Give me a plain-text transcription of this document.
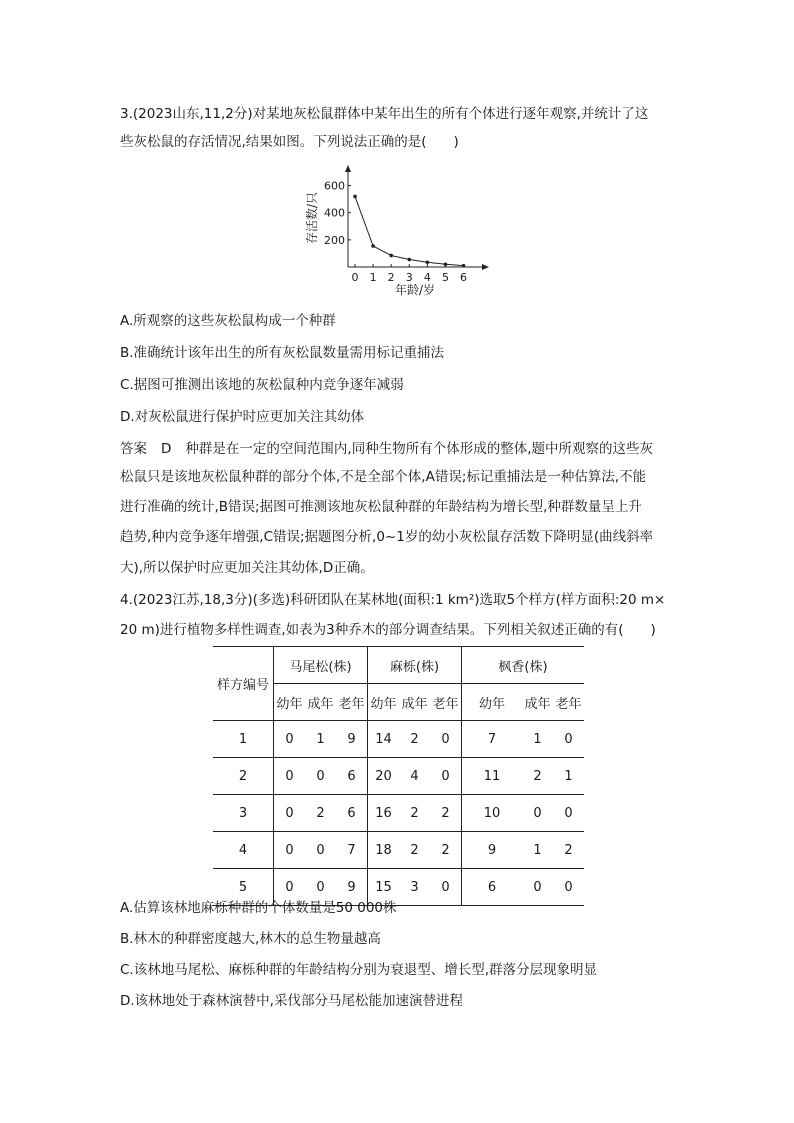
3.(2023山东,11,2分)对某地灰松鼠群体中某年出生的所有个体进行逐年观察,并统计了这
些灰松鼠的存活情况,结果如图。下列说法正确的是(　　)
200
400
600
0 1 2 3 4 5 6
存活数/只
年龄/岁
A.所观察的这些灰松鼠构成一个种群
B.准确统计该年出生的所有灰松鼠数量需用标记重捕法
C.据图可推测出该地的灰松鼠种内竞争逐年减弱
D.对灰松鼠进行保护时应更加关注其幼体
答案 D 种群是在一定的空间范围内,同种生物所有个体形成的整体,题中所观察的这些灰
松鼠只是该地灰松鼠种群的部分个体,不是全部个体,A错误;标记重捕法是一种估算法,不能
进行准确的统计,B错误;据图可推测该地灰松鼠种群的年龄结构为增长型,种群数量呈上升
趋势,种内竞争逐年增强,C错误;据题图分析,0~1岁的幼小灰松鼠存活数下降明显(曲线斜率
大),所以保护时应更加关注其幼体,D正确。
4.(2023江苏,18,3分)(多选)科研团队在某林地(面积:1 km²)选取5个样方(样方面积:20 m×
20 m)进行植物多样性调查,如表为3种乔木的部分调查结果。下列相关叙述正确的有(　　)
样方编号	马尾松(株)			麻栎(株)			枫香(株)		
	幼年	成年	老年	幼年	成年	老年	幼年	成年	老年
1	0	1	9	14	2	0	7	1	0
2	0	0	6	20	4	0	11	2	1
3	0	2	6	16	2	2	10	0	0
4	0	0	7	18	2	2	9	1	2
5	0	0	9	15	3	0	6	0	0
A.估算该林地麻栎种群的个体数量是50 000株
B.林木的种群密度越大,林木的总生物量越高
C.该林地马尾松、麻栎种群的年龄结构分别为衰退型、增长型,群落分层现象明显
D.该林地处于森林演替中,采伐部分马尾松能加速演替进程
